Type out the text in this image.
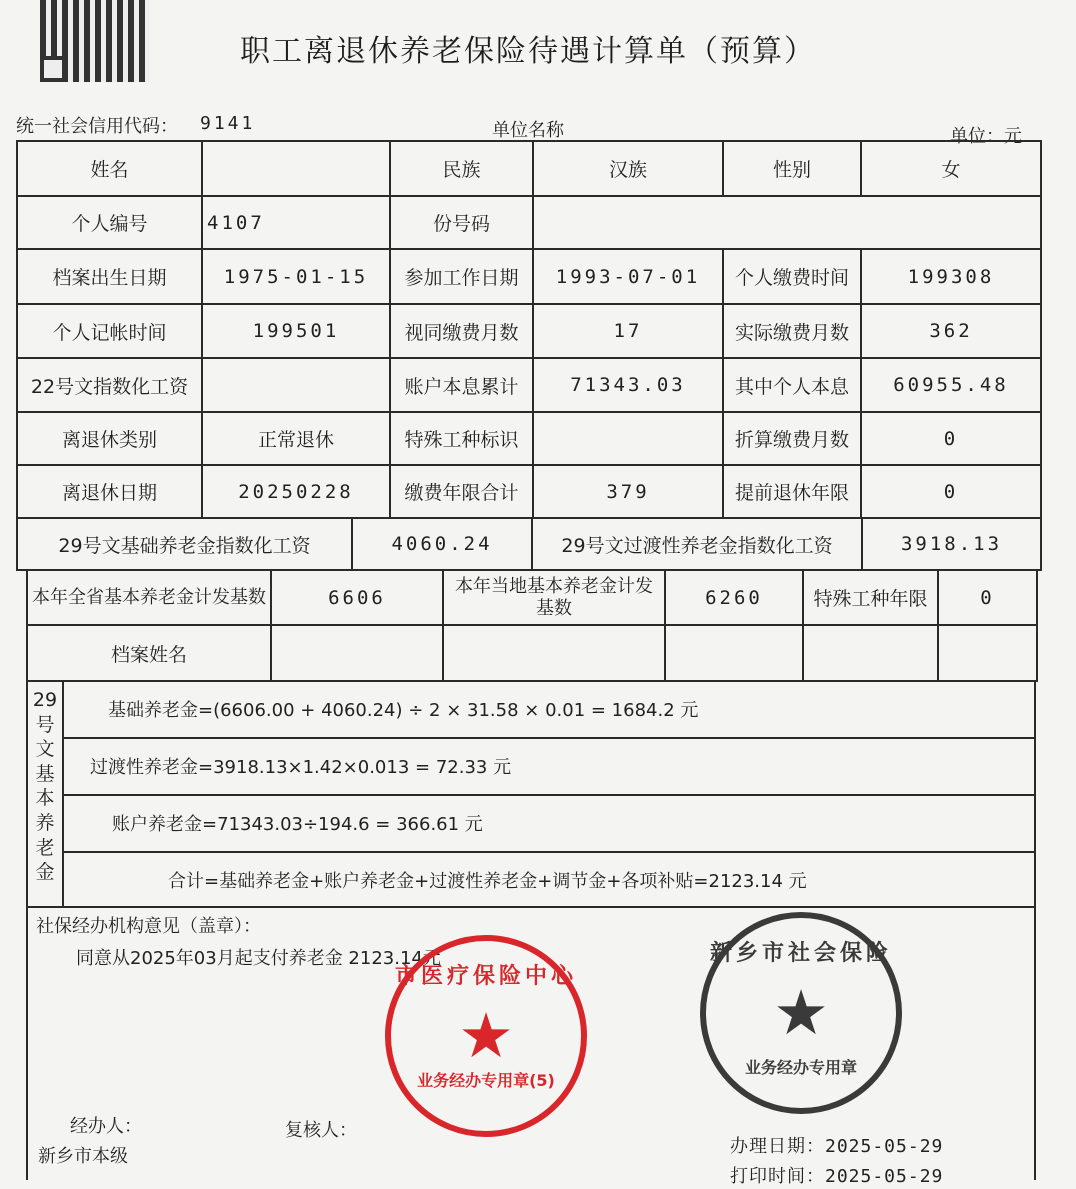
职工离退休养老保险待遇计算单（预算）
统一社会信用代码： 9141	单位名称	单位：元
姓名		民族	汉族	性别	女
个人编号	4107	份号码			
档案出生日期	1975-01-15	参加工作日期	1993-07-01	个人缴费时间	199308
个人记帐时间	199501	视同缴费月数	17	实际缴费月数	362
22号文指数化工资		账户本息累计	71343.03	其中个人本息	60955.48
离退休类别	正常退休	特殊工种标识		折算缴费月数	0
离退休日期	20250228	缴费年限合计	379	提前退休年限	0
29号文基础养老金指数化工资	4060.24	29号文过渡性养老金指数化工资	3918.13
本年全省基本养老金计发基数	6606	本年当地基本养老金计发基数	6260	特殊工种年限	0
档案姓名					
29号文基本养老金
基础养老金=(6606.00 + 4060.24) ÷ 2 × 31.58 × 0.01 = 1684.2 元
过渡性养老金=3918.13×1.42×0.013 = 72.33 元
账户养老金=71343.03÷194.6 = 366.61 元
合计=基础养老金+账户养老金+过渡性养老金+调节金+各项补贴=2123.14 元
社保经办机构意见（盖章）：
同意从2025年03月起支付养老金 2123.14元
市医疗保险中心
★
业务经办专用章(5)
新乡市社会保险
★
业务经办专用章
经办人：	复核人：
新乡市本级	办理日期：2025-05-29
打印时间：2025-05-29
